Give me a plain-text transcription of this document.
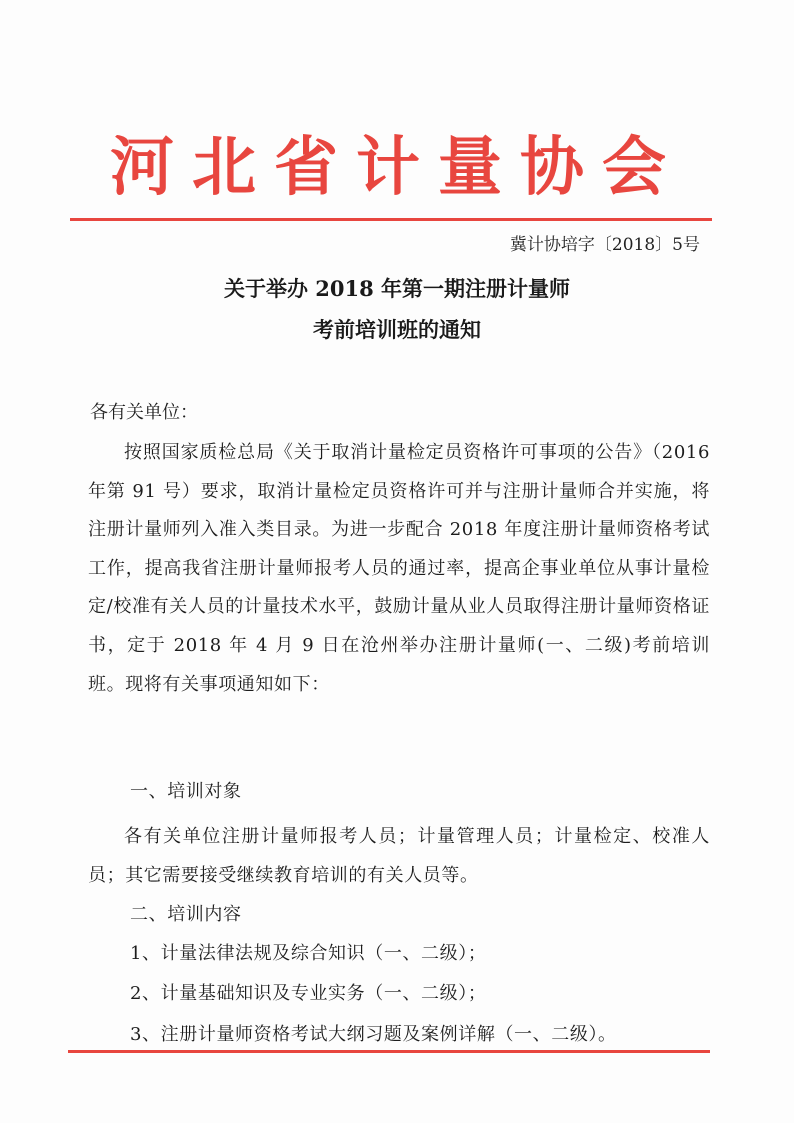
河北省计量协会
冀计协培字〔2018〕5号
关于举办 2018 年第一期注册计量师
考前培训班的通知
各有关单位：

按照国家质检总局《关于取消计量检定员资格许可事项的公告》（2016 年第 91 号）要求，取消计量检定员资格许可并与注册计量师合并实施，将注册计量师列入准入类目录。为进一步配合 2018 年度注册计量师资格考试工作，提高我省注册计量师报考人员的通过率，提高企事业单位从事计量检定/校准有关人员的计量技术水平，鼓励计量从业人员取得注册计量师资格证书，定于 2018 年 4 月 9 日在沧州举办注册计量师(一、二级)考前培训班。现将有关事项通知如下：

一、培训对象

各有关单位注册计量师报考人员；计量管理人员；计量检定、校准人员；其它需要接受继续教育培训的有关人员等。

二、培训内容
1、计量法律法规及综合知识（一、二级）；
2、计量基础知识及专业实务（一、二级）；
3、注册计量师资格考试大纲习题及案例详解（一、二级）。
